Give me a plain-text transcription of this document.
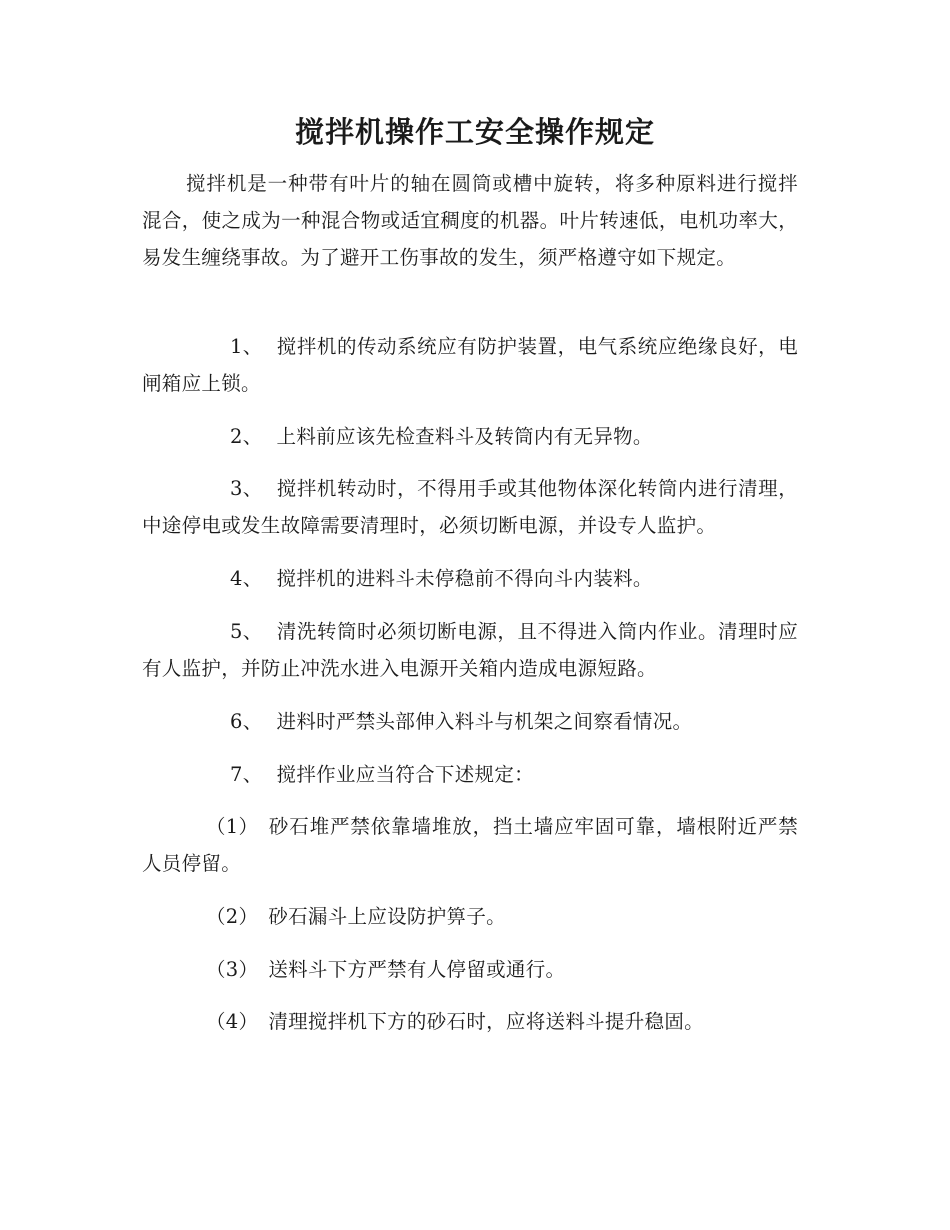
搅拌机操作工安全操作规定
搅拌机是一种带有叶片的轴在圆筒或槽中旋转，将多种原料进行搅拌混合，使之成为一种混合物或适宜稠度的机器。叶片转速低，电机功率大，易发生缠绕事故。为了避开工伤事故的发生，须严格遵守如下规定。
1、 搅拌机的传动系统应有防护装置，电气系统应绝缘良好，电闸箱应上锁。
2、 上料前应该先检查料斗及转筒内有无异物。
3、 搅拌机转动时，不得用手或其他物体深化转筒内进行清理，中途停电或发生故障需要清理时，必须切断电源，并设专人监护。
4、 搅拌机的进料斗未停稳前不得向斗内装料。
5、 清洗转筒时必须切断电源，且不得进入筒内作业。清理时应有人监护，并防止冲洗水进入电源开关箱内造成电源短路。
6、 进料时严禁头部伸入料斗与机架之间察看情况。
7、 搅拌作业应当符合下述规定：
（1） 砂石堆严禁依靠墙堆放，挡土墙应牢固可靠，墙根附近严禁人员停留。
（2） 砂石漏斗上应设防护箅子。
（3） 送料斗下方严禁有人停留或通行。
（4） 清理搅拌机下方的砂石时，应将送料斗提升稳固。
